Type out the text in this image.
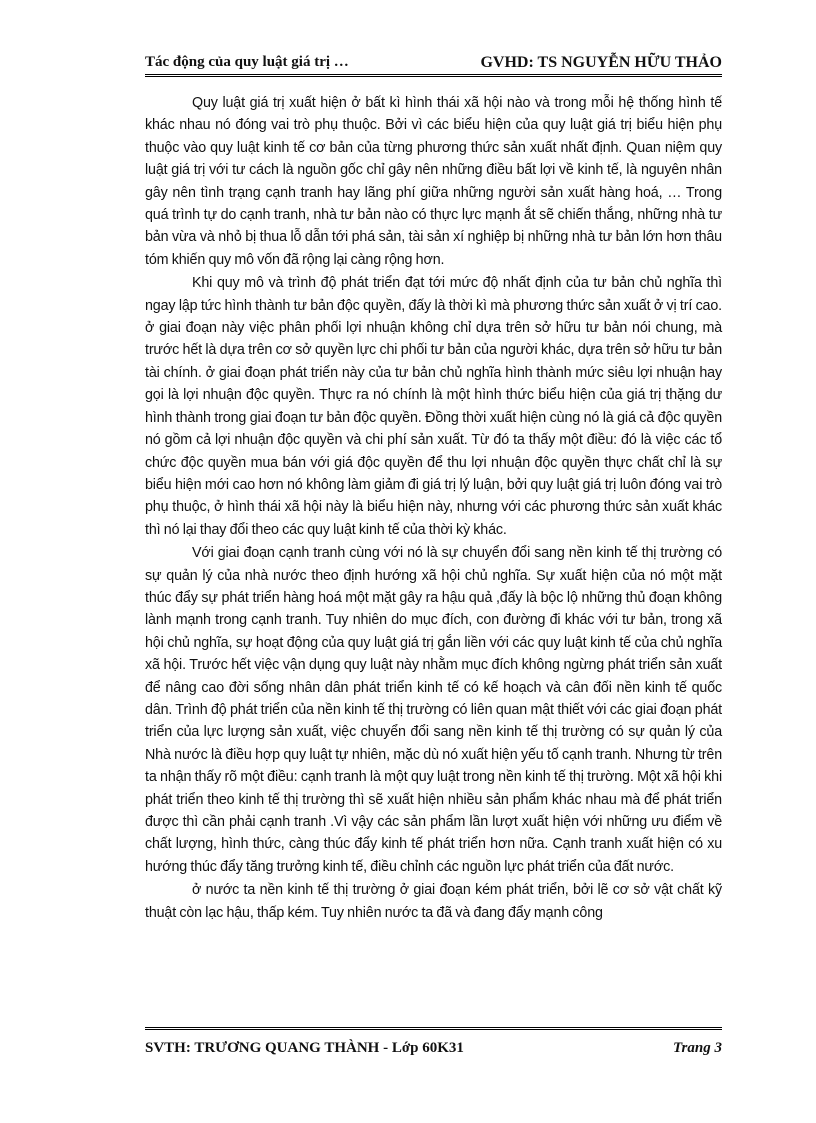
Tác động của quy luật giá trị …	GVHD: TS NGUYỄN HỮU THẢO

Quy luật giá trị xuất hiện ở bất kì hình thái xã hội nào và trong mỗi hệ thống hình tế khác nhau nó đóng vai trò phụ thuộc. Bởi vì các biểu hiện của quy luật giá trị biểu hiện phụ thuộc vào quy luật kinh tế cơ bản của từng phương thức sản xuất nhất định. Quan niệm quy luật giá trị với tư cách là nguồn gốc chỉ gây nên những điều bất lợi về kinh tế, là nguyên nhân gây nên tình trạng cạnh tranh hay lãng phí giữa những người sản xuất hàng hoá, … Trong quá trình tự do cạnh tranh, nhà tư bản nào có thực lực mạnh ắt sẽ chiến thắng, những nhà tư bản vừa và nhỏ bị thua lỗ dẫn tới phá sản, tài sản xí nghiệp bị những nhà tư bản lớn hơn thâu tóm khiến quy mô vốn đã rộng lại càng rộng hơn.

Khi quy mô và trình độ phát triển đạt tới mức độ nhất định của tư bản chủ nghĩa thì ngay lập tức hình thành tư bản độc quyền, đấy là thời kì mà phương thức sản xuất ở vị trí cao. ở giai đoạn này việc phân phối lợi nhuận không chỉ dựa trên sở hữu tư bản nói chung, mà trước hết là dựa trên cơ sở quyền lực chi phối tư bản của người khác, dựa trên sở hữu tư bản tài chính. ở giai đoạn phát triển này của tư bản chủ nghĩa hình thành mức siêu lợi nhuận hay gọi là lợi nhuận độc quyền. Thực ra nó chính là một hình thức biểu hiện của giá trị thặng dư hình thành trong giai đoạn tư bản độc quyền. Đồng thời xuất hiện cùng nó là giá cả độc quyền nó gồm cả lợi nhuận độc quyền và chi phí sản xuất. Từ đó ta thấy một điều: đó là việc các tổ chức độc quyền mua bán với giá độc quyền để thu lợi nhuận độc quyền thực chất chỉ là sự biểu hiện mới cao hơn nó không làm giảm đi giá trị lý luận, bởi quy luật giá trị luôn đóng vai trò phụ thuộc, ở hình thái xã hội này là biểu hiện này, nhưng với các phương thức sản xuất khác thì nó lại thay đổi theo các quy luật kinh tế của thời kỳ khác.

Với giai đoạn cạnh tranh cùng với nó là sự chuyển đổi sang nền kinh tế thị trường có sự quản lý của nhà nước theo định hướng xã hội chủ nghĩa. Sự xuất hiện của nó một mặt thúc đẩy sự phát triển hàng hoá một mặt gây ra hậu quả ,đấy là bộc lộ những thủ đoạn không lành mạnh trong cạnh tranh. Tuy nhiên do mục đích, con đường đi khác với tư bản, trong xã hội chủ nghĩa, sự hoạt động của quy luật giá trị gắn liền với các quy luật kinh tế của chủ nghĩa xã hội. Trước hết việc vận dụng quy luật này nhằm mục đích không ngừng phát triển sản xuất để nâng cao đời sống nhân dân phát triển kinh tế có kế hoạch và cân đối nền kinh tế quốc dân. Trình độ phát triển của nền kinh tế thị trường có liên quan mật thiết với các giai đoạn phát triển của lực lượng sản xuất, việc chuyển đổi sang nền kinh tế thị trường có sự quản lý của Nhà nước là điều hợp quy luật tự nhiên, mặc dù nó xuất hiện yếu tố cạnh tranh. Nhưng từ trên ta nhận thấy rõ một điều: cạnh tranh là một quy luật trong nền kinh tế thị trường. Một xã hội khi phát triển theo kinh tế thị trường thì sẽ xuất hiện nhiều sản phẩm khác nhau mà để phát triển được thì cần phải cạnh tranh .Vì vậy các sản phẩm lần lượt xuất hiện với những ưu điểm về chất lượng, hình thức, càng thúc đẩy kinh tế phát triển hơn nữa. Cạnh tranh xuất hiện có xu hướng thúc đẩy tăng trưởng kinh tế, điều chỉnh các nguồn lực phát triển của đất nước.

ở nước ta nền kinh tế thị trường ở giai đoạn kém phát triển, bởi lẽ cơ sở vật chất kỹ thuật còn lạc hậu, thấp kém. Tuy nhiên nước ta đã và đang đẩy mạnh công

SVTH: TRƯƠNG QUANG THÀNH - Lớp 60K31	Trang 3
